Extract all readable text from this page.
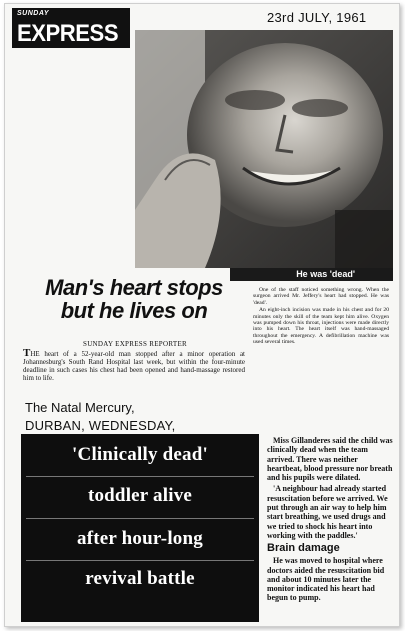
SUNDAY
EXPRESS
23rd JULY, 1961
He was 'dead'
Man's heart stops
but he lives on
SUNDAY EXPRESS REPORTER
THE heart of a 52-year-old man stopped after a minor operation at Johannesburg's South Rand Hospital last week, but within the four-minute deadline in such cases his chest had been opened and hand-massage restored him to life.

One of the staff noticed something wrong. When the surgeon arrived Mr. Jeffery's heart had stopped. He was 'dead'.

An eight-inch incision was made in his chest and for 20 minutes only the skill of the team kept him alive. Oxygen was pumped down his throat, injections were made directly into his heart. The heart itself was hand-massaged throughout the emergency. A defibrillation machine was used several times.

The Natal Mercury,
DURBAN, WEDNESDAY,
'Clinically dead'
toddler alive
after hour-long
revival battle

Miss Gillanderes said the child was clinically dead when the team arrived. There was neither heartbeat, blood pressure nor breath and his pupils were dilated.

'A neighbour had already started resuscitation before we arrived. We put through an air way to help him start breathing, we used drugs and we tried to shock his heart into working with the paddles.'

Brain damage

He was moved to hospital where doctors aided the resuscitation bid and about 10 minutes later the monitor indicated his heart had begun to pump.
